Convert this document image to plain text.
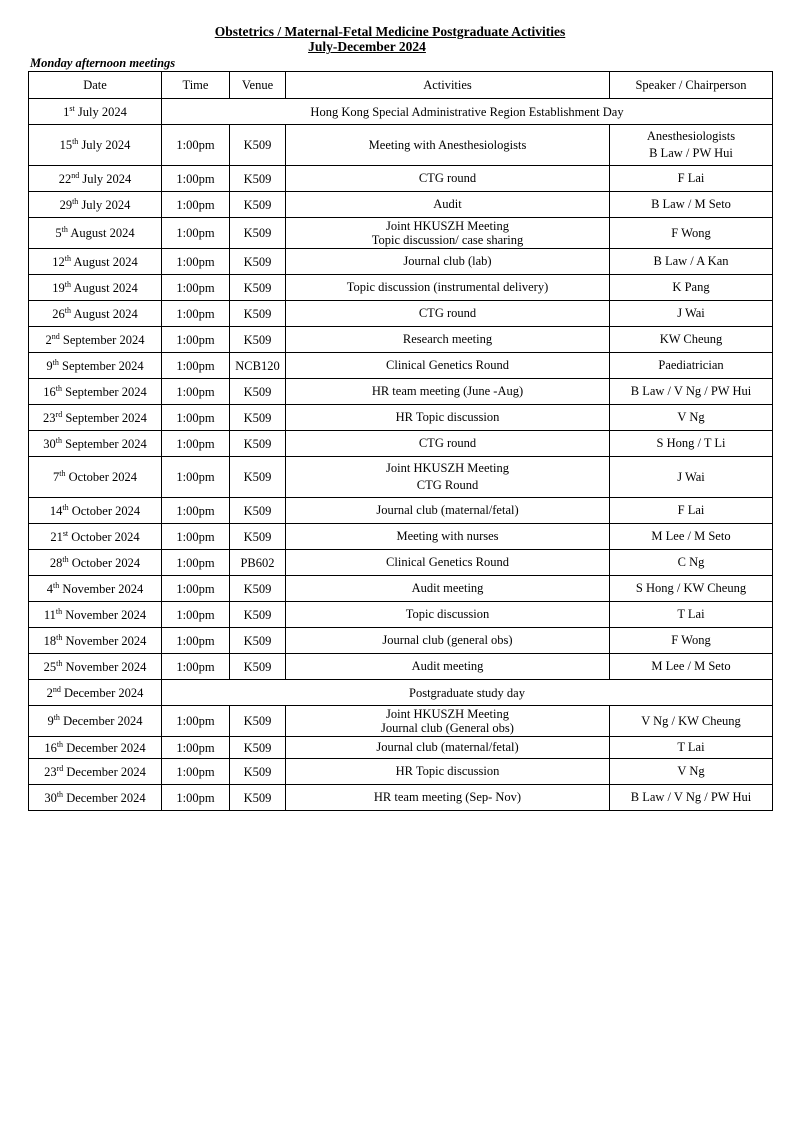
Obstetrics / Maternal-Fetal Medicine Postgraduate Activities
July-December 2024
Monday afternoon meetings
Date	Time	Venue	Activities	Speaker / Chairperson
1st July 2024	Hong Kong Special Administrative Region Establishment Day			
15th July 2024	1:00pm	K509	Meeting with Anesthesiologists	Anesthesiologists
B Law / PW Hui

22nd July 2024	1:00pm	K509	CTG round	F Lai

29th July 2024	1:00pm	K509	Audit	B Law / M Seto

5th August 2024	1:00pm	K509	Joint HKUSZH Meeting
Topic discussion/ case sharing	F Wong

12th August 2024	1:00pm	K509	Journal club (lab)	B Law / A Kan

19th August 2024	1:00pm	K509	Topic discussion (instrumental delivery)	K Pang

26th August 2024	1:00pm	K509	CTG round	J Wai

2nd September 2024	1:00pm	K509	Research meeting	KW Cheung

9th September 2024	1:00pm	NCB120	Clinical Genetics Round	Paediatrician

16th September 2024	1:00pm	K509	HR team meeting (June -Aug)	B Law / V Ng / PW Hui

23rd September 2024	1:00pm	K509	HR Topic discussion	V Ng

30th September 2024	1:00pm	K509	CTG round	S Hong / T Li

7th October 2024	1:00pm	K509	Joint HKUSZH Meeting
CTG Round	J Wai

14th October 2024	1:00pm	K509	Journal club (maternal/fetal)	F Lai

21st October 2024	1:00pm	K509	Meeting with nurses	M Lee / M Seto

28th October 2024	1:00pm	PB602	Clinical Genetics Round	C Ng

4th November 2024	1:00pm	K509	Audit meeting	S Hong / KW Cheung

11th November 2024	1:00pm	K509	Topic discussion	T Lai

18th November 2024	1:00pm	K509	Journal club (general obs)	F Wong

25th November 2024	1:00pm	K509	Audit meeting	M Lee / M Seto

2nd December 2024	Postgraduate study day			
9th December 2024	1:00pm	K509	Joint HKUSZH Meeting
Journal club (General obs)	V Ng / KW Cheung

16th December 2024	1:00pm	K509	Journal club (maternal/fetal)	T Lai

23rd December 2024	1:00pm	K509	HR Topic discussion	V Ng

30th December 2024	1:00pm	K509	HR team meeting (Sep- Nov)	B Law / V Ng / PW Hui
